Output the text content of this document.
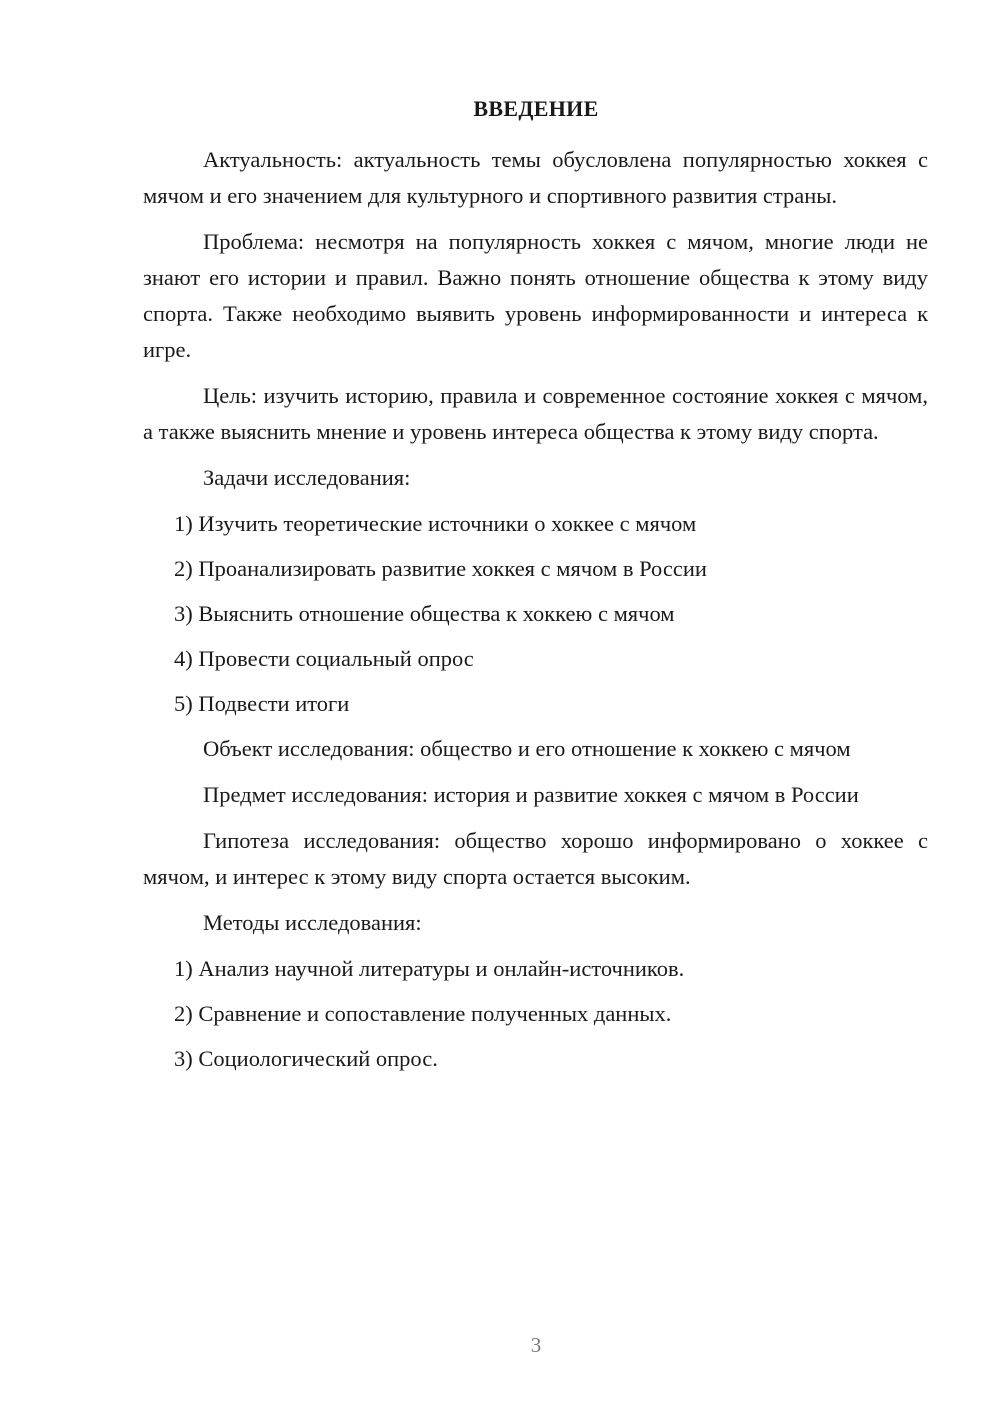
ВВЕДЕНИЕ

Актуальность: актуальность темы обусловлена популярностью хоккея с мячом и его значением для культурного и спортивного развития страны.

Проблема: несмотря на популярность хоккея с мячом, многие люди не знают его истории и правил. Важно понять отношение общества к этому виду спорта. Также необходимо выявить уровень информированности и интереса к игре.

Цель: изучить историю, правила и современное состояние хоккея с мячом, а также выяснить мнение и уровень интереса общества к этому виду спорта.

Задачи исследования:

1) Изучить теоретические источники о хоккее с мячом

2) Проанализировать развитие хоккея с мячом в России

3) Выяснить отношение общества к хоккею с мячом

4) Провести социальный опрос

5) Подвести итоги

Объект исследования: общество и его отношение к хоккею с мячом

Предмет исследования: история и развитие хоккея с мячом в России

Гипотеза исследования: общество хорошо информировано о хоккее с мячом, и интерес к этому виду спорта остается высоким.

Методы исследования:

1) Анализ научной литературы и онлайн-источников.

2) Сравнение и сопоставление полученных данных.

3) Социологический опрос.

3
